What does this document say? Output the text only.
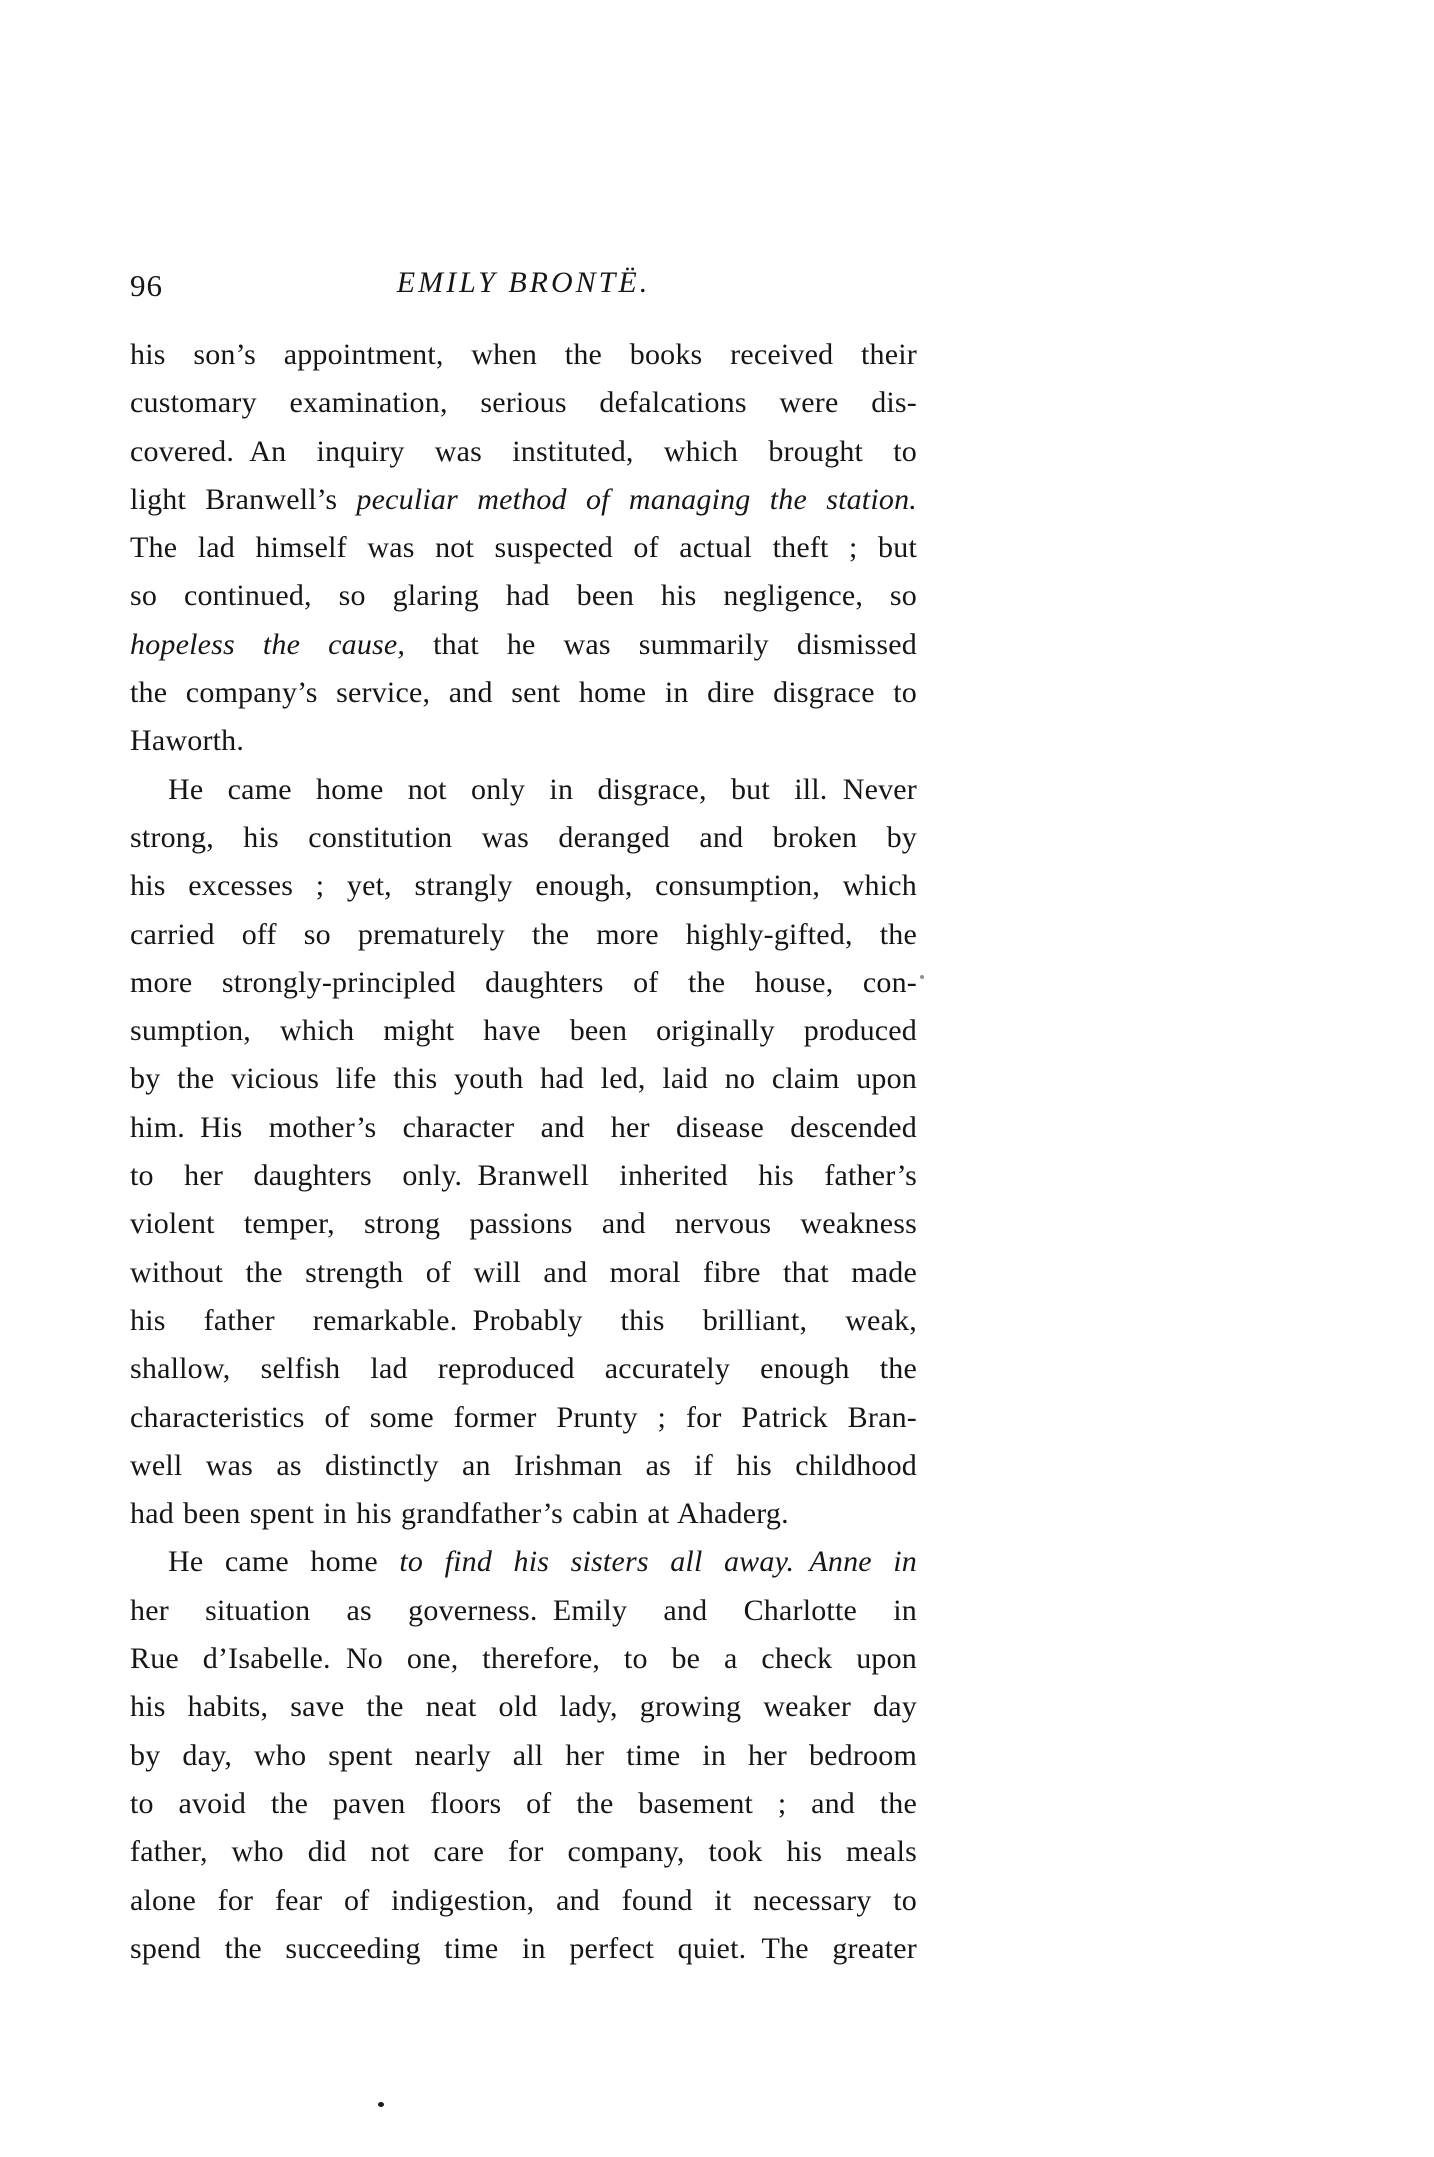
96	EMILY BRONTË.
his son’s appointment, when the books received their
customary examination, serious defalcations were dis-
covered. An inquiry was instituted, which brought to
light Branwell’s peculiar method of managing the station.
The lad himself was not suspected of actual theft ; but
so continued, so glaring had been his negligence, so
hopeless the cause, that he was summarily dismissed
the company’s service, and sent home in dire disgrace to
Haworth.
He came home not only in disgrace, but ill. Never
strong, his constitution was deranged and broken by
his excesses ; yet, strangly enough, consumption, which
carried off so prematurely the more highly-gifted, the
more strongly-principled daughters of the house, con-
sumption, which might have been originally produced
by the vicious life this youth had led, laid no claim upon
him. His mother’s character and her disease descended
to her daughters only. Branwell inherited his father’s
violent temper, strong passions and nervous weakness
without the strength of will and moral fibre that made
his father remarkable. Probably this brilliant, weak,
shallow, selfish lad reproduced accurately enough the
characteristics of some former Prunty ; for Patrick Bran-
well was as distinctly an Irishman as if his childhood
had been spent in his grandfather’s cabin at Ahaderg.
He came home to find his sisters all away. Anne in
her situation as governess. Emily and Charlotte in
Rue d’Isabelle. No one, therefore, to be a check upon
his habits, save the neat old lady, growing weaker day
by day, who spent nearly all her time in her bedroom
to avoid the paven floors of the basement ; and the
father, who did not care for company, took his meals
alone for fear of indigestion, and found it necessary to
spend the succeeding time in perfect quiet. The greater
